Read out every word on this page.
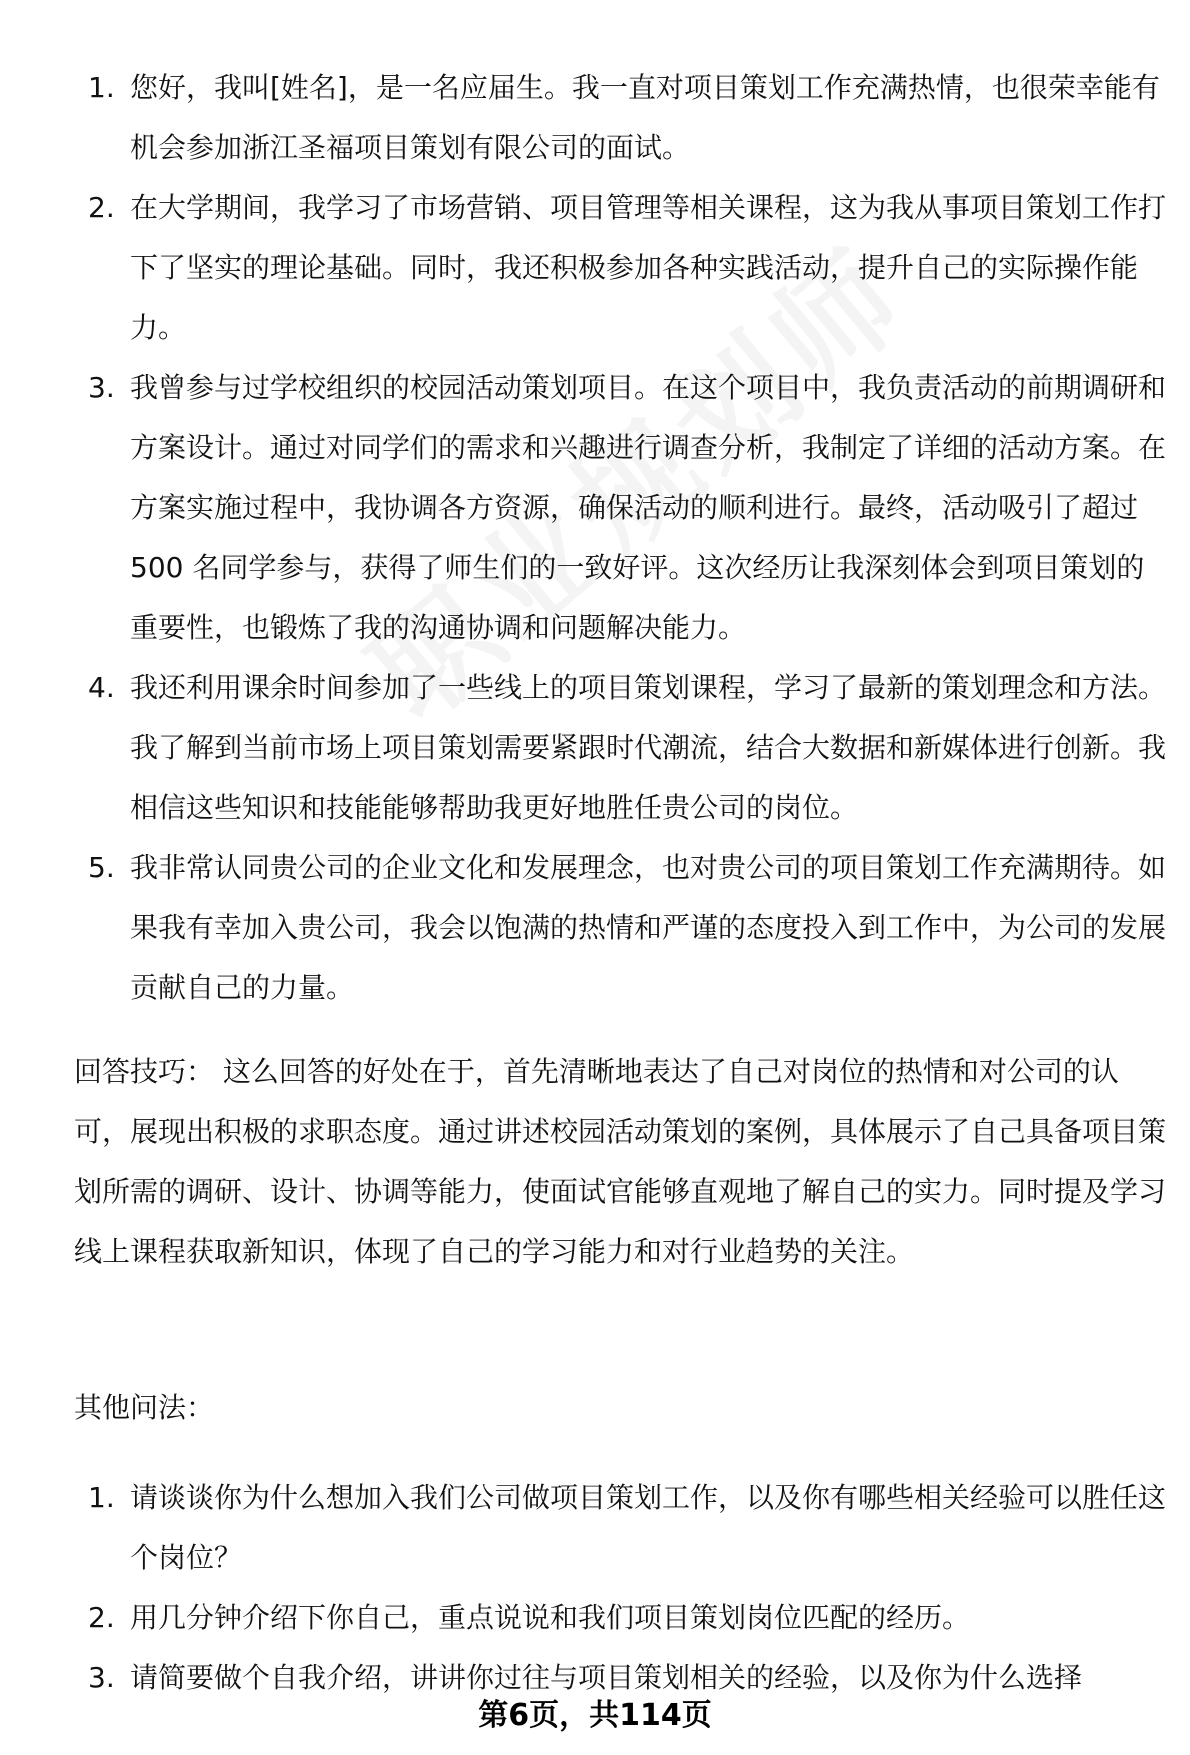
1. 您好，我叫[姓名]，是一名应届生。我一直对项目策划工作充满热情，也很荣幸能有机会参加浙江圣福项目策划有限公司的面试。
2. 在大学期间，我学习了市场营销、项目管理等相关课程，这为我从事项目策划工作打下了坚实的理论基础。同时，我还积极参加各种实践活动，提升自己的实际操作能力。
3. 我曾参与过学校组织的校园活动策划项目。在这个项目中，我负责活动的前期调研和方案设计。通过对同学们的需求和兴趣进行调查分析，我制定了详细的活动方案。在方案实施过程中，我协调各方资源，确保活动的顺利进行。最终，活动吸引了超过 500 名同学参与，获得了师生们的一致好评。这次经历让我深刻体会到项目策划的重要性，也锻炼了我的沟通协调和问题解决能力。
4. 我还利用课余时间参加了一些线上的项目策划课程，学习了最新的策划理念和方法。我了解到当前市场上项目策划需要紧跟时代潮流，结合大数据和新媒体进行创新。我相信这些知识和技能能够帮助我更好地胜任贵公司的岗位。
5. 我非常认同贵公司的企业文化和发展理念，也对贵公司的项目策划工作充满期待。如果我有幸加入贵公司，我会以饱满的热情和严谨的态度投入到工作中，为公司的发展贡献自己的力量。
回答技巧： 这么回答的好处在于，首先清晰地表达了自己对岗位的热情和对公司的认可，展现出积极的求职态度。通过讲述校园活动策划的案例，具体展示了自己具备项目策划所需的调研、设计、协调等能力，使面试官能够直观地了解自己的实力。同时提及学习线上课程获取新知识，体现了自己的学习能力和对行业趋势的关注。
其他问法：
1. 请谈谈你为什么想加入我们公司做项目策划工作，以及你有哪些相关经验可以胜任这个岗位？
2. 用几分钟介绍下你自己，重点说说和我们项目策划岗位匹配的经历。
3. 请简要做个自我介绍，讲讲你过往与项目策划相关的经验，以及你为什么选择
第6页，共114页
